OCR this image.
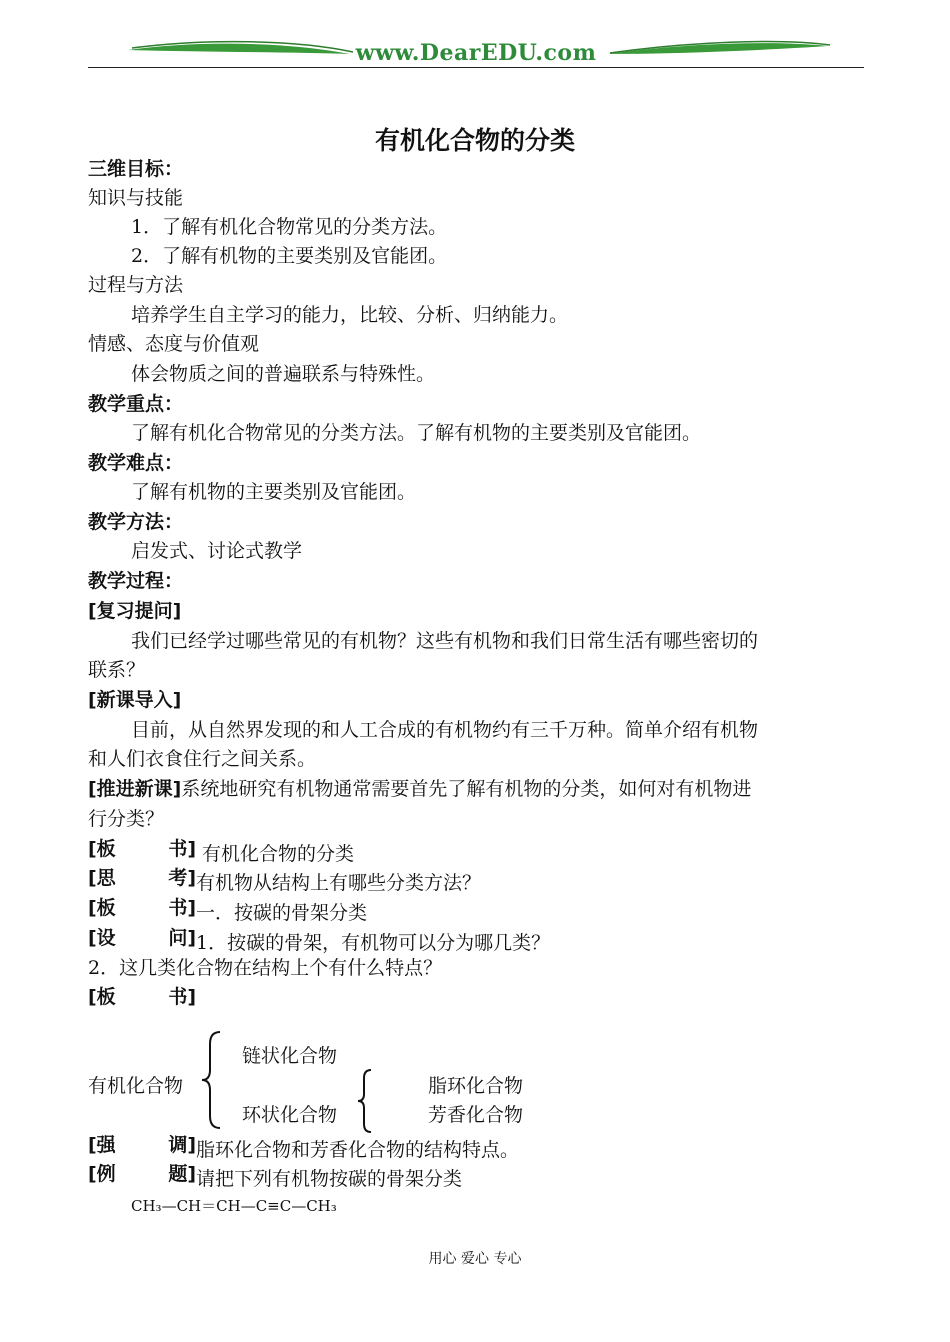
www.DearEDU.com
有机化合物的分类
三维目标：
知识与技能
1．了解有机化合物常见的分类方法。
2．了解有机物的主要类别及官能团。
过程与方法
培养学生自主学习的能力，比较、分析、归纳能力。
情感、态度与价值观
体会物质之间的普遍联系与特殊性。
教学重点：
了解有机化合物常见的分类方法。了解有机物的主要类别及官能团。
教学难点：
了解有机物的主要类别及官能团。
教学方法：
启发式、讨论式教学
教学过程：
[复习提问]
我们已经学过哪些常见的有机物？这些有机物和我们日常生活有哪些密切的
联系？
[新课导入]
目前，从自然界发现的和人工合成的有机物约有三千万种。简单介绍有机物
和人们衣食住行之间关系。
[推进新课]系统地研究有机物通常需要首先了解有机物的分类，如何对有机物进
行分类？
[板	书] 有机化合物的分类
[思	考] 有机物从结构上有哪些分类方法？
[板	书] 一．按碳的骨架分类
[设	问] 1．按碳的骨架，有机物可以分为哪几类？
2．这几类化合物在结构上个有什么特点？
[板	书]
有机化合物
链状化合物
环状化合物
脂环化合物
芳香化合物
[强	调] 脂环化合物和芳香化合物的结构特点。
[例	题] 请把下列有机物按碳的骨架分类
CH₃—CH＝CH—C≡C—CH₃
用心 爱心 专心
